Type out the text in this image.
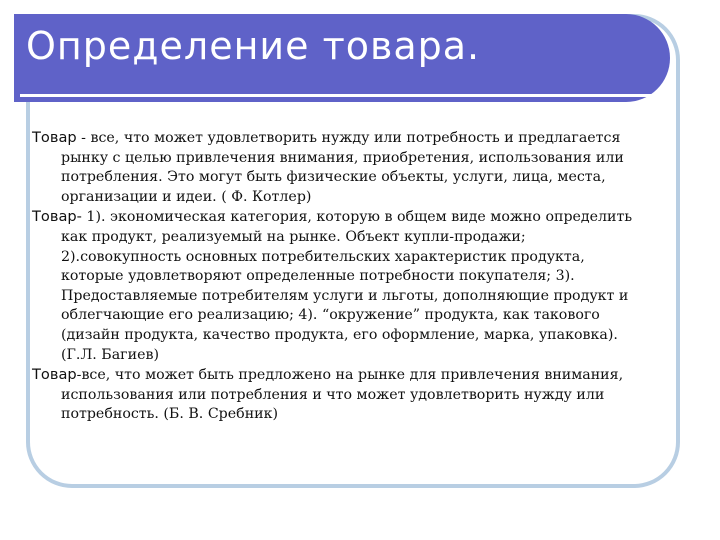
Определение товара.

Товар - все, что может удовлетворить нужду или потребность и предлагается рынку с целью привлечения внимания, приобретения, использования или потребления. Это могут быть физические объекты, услуги, лица, места, организации и идеи. ( Ф. Котлер)

Товар- 1). экономическая категория, которую в общем виде можно определить как продукт, реализуемый на рынке. Объект купли-продажи; 2).совокупность основных потребительских характеристик продукта, которые удовлетворяют определенные потребности покупателя; 3). Предоставляемые потребителям услуги и льготы, дополняющие продукт и облегчающие его реализацию; 4). “окружение” продукта, как таковогo (дизайн продукта, качество продукта, его оформление, марка, упаковка). (Г.Л. Багиев)

Товар-все, что может быть предложено на рынке для привлечения внимания, использования или потребления и что может удовлетворить нужду или потребность. (Б. В. Сребник)
